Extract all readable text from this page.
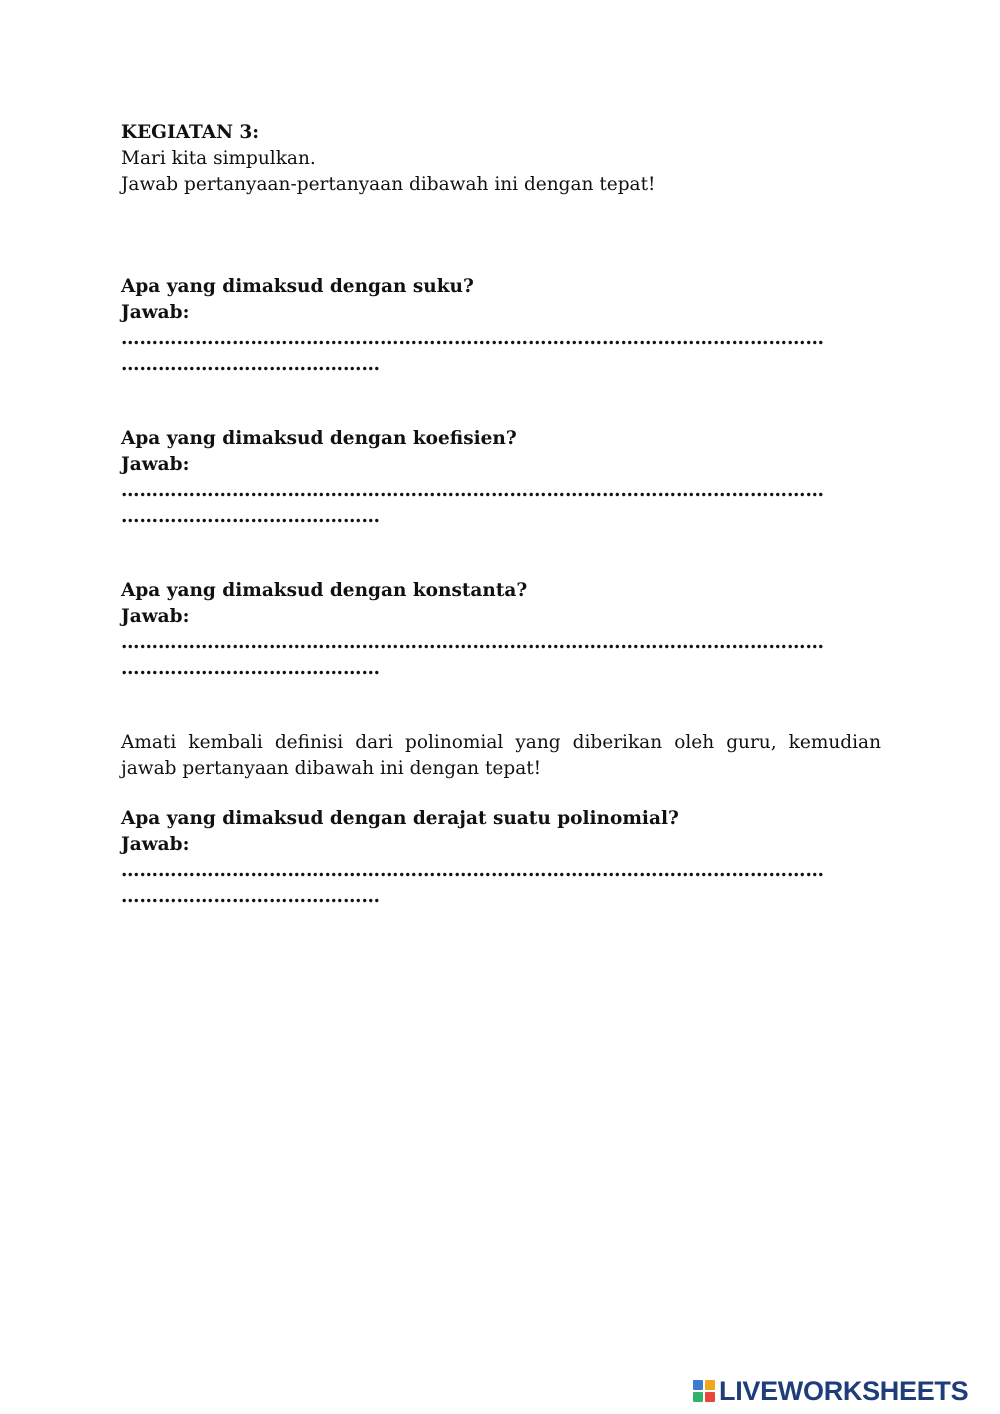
KEGIATAN 3:

Mari kita simpulkan.

Jawab pertanyaan-pertanyaan dibawah ini dengan tepat!

Apa yang dimaksud dengan suku?

Jawab:

……………………………………………………………………………………………………

……………………………………

Apa yang dimaksud dengan koefisien?

Jawab:

……………………………………………………………………………………………………

……………………………………

Apa yang dimaksud dengan konstanta?

Jawab:

……………………………………………………………………………………………………

……………………………………

Amati kembali definisi dari polinomial yang diberikan oleh guru, kemudian jawab pertanyaan dibawah ini dengan tepat!

Apa yang dimaksud dengan derajat suatu polinomial?

Jawab:

……………………………………………………………………………………………………

……………………………………

LIVEWORKSHEETS
